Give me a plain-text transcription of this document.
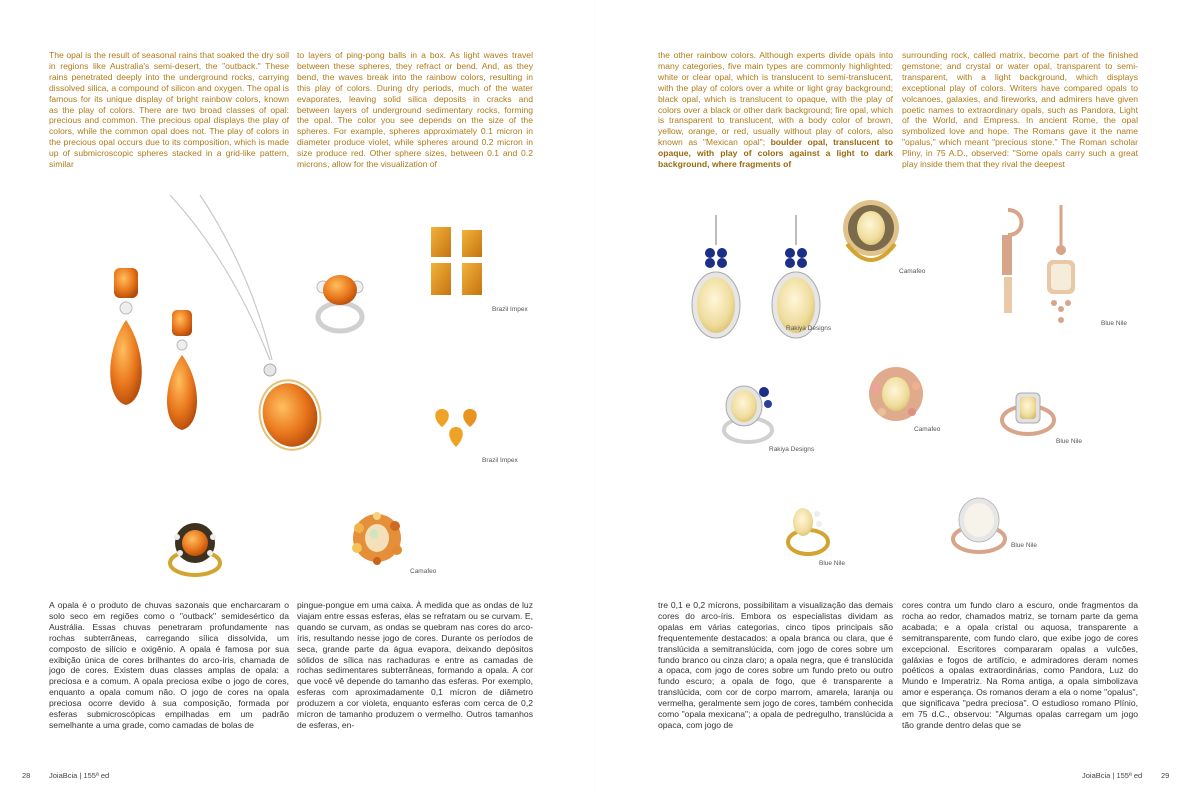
The opal is the result of seasonal rains that soaked the dry soil in regions like Australia's semi-desert, the "outback." These rains penetrated deeply into the underground rocks, carrying dissolved silica, a compound of silicon and oxygen. The opal is famous for its unique display of bright rainbow colors, known as the play of colors. There are two broad classes of opal: precious and common. The precious opal displays the play of colors, while the common opal does not. The play of colors in the precious opal occurs due to its composition, which is made up of submicroscopic spheres stacked in a grid-like pattern, similar

to layers of ping-pong balls in a box. As light waves travel between these spheres, they refract or bend. And, as they bend, the waves break into the rainbow colors, resulting in this play of colors. During dry periods, much of the water evaporates, leaving solid silica deposits in cracks and between layers of underground sedimentary rocks, forming the opal. The color you see depends on the size of the spheres. For example, spheres approximately 0.1 micron in diameter produce violet, while spheres around 0.2 micron in size produce red. Other sphere sizes, between 0.1 and 0.2 microns, allow for the visualization of

Brazil Impex
Brazil Impex
Camafeo

A opala é o produto de chuvas sazonais que encharcaram o solo seco em regiões como o "outback" semidesértico da Austrália. Essas chuvas penetraram profundamente nas rochas subterrâneas, carregando sílica dissolvida, um composto de silício e oxigênio. A opala é famosa por sua exibição única de cores brilhantes do arco-íris, chamada de jogo de cores. Existem duas classes amplas de opala: a preciosa e a comum. A opala preciosa exibe o jogo de cores, enquanto a opala comum não. O jogo de cores na opala preciosa ocorre devido à sua composição, formada por esferas submicroscópicas empilhadas em um padrão semelhante a uma grade, como camadas de bolas de

pingue-pongue em uma caixa. À medida que as ondas de luz viajam entre essas esferas, elas se refratam ou se curvam. E, quando se curvam, as ondas se quebram nas cores do arco-íris, resultando nesse jogo de cores. Durante os períodos de seca, grande parte da água evapora, deixando depósitos sólidos de sílica nas rachaduras e entre as camadas de rochas sedimentares subterrâneas, formando a opala. A cor que você vê depende do tamanho das esferas. Por exemplo, esferas com aproximadamente 0,1 mícron de diâmetro produzem a cor violeta, enquanto esferas com cerca de 0,2 mícron de tamanho produzem o vermelho. Outros tamanhos de esferas, en-

28 JoiaBcia | 155ª ed
the other rainbow colors. Although experts divide opals into many categories, five main types are commonly highlighted: white or clear opal, which is translucent to semi-translucent, with the play of colors over a white or light gray background; black opal, which is translucent to opaque, with the play of colors over a black or other dark background; fire opal, which is transparent to translucent, with a body color of brown, yellow, orange, or red, usually without play of colors, also known as "Mexican opal"; boulder opal, translucent to opaque, with play of colors against a light to dark background, where fragments of

surrounding rock, called matrix, become part of the finished gemstone; and crystal or water opal, transparent to semi-transparent, with a light background, which displays exceptional play of colors. Writers have compared opals to volcanoes, galaxies, and fireworks, and admirers have given poetic names to extraordinary opals, such as Pandora, Light of the World, and Empress. In ancient Rome, the opal symbolized love and hope. The Romans gave it the name "opalus," which meant "precious stone." The Roman scholar Pliny, in 75 A.D., observed: "Some opals carry such a great play inside them that they rival the deepest

Rakiya Designs
Camafeo
Blue Nile
Rakiya Designs
Camafeo
Blue Nile
Blue Nile
Blue Nile

tre 0,1 e 0,2 mícrons, possibilitam a visualização das demais cores do arco-íris. Embora os especialistas dividam as opalas em várias categorias, cinco tipos principais são frequentemente destacados: a opala branca ou clara, que é translúcida a semitranslúcida, com jogo de cores sobre um fundo branco ou cinza claro; a opala negra, que é translúcida a opaca, com jogo de cores sobre um fundo preto ou outro fundo escuro; a opala de fogo, que é transparente a translúcida, com cor de corpo marrom, amarela, laranja ou vermelha, geralmente sem jogo de cores, também conhecida como "opala mexicana"; a opala de pedregulho, translúcida a opaca, com jogo de

cores contra um fundo claro a escuro, onde fragmentos da rocha ao redor, chamados matriz, se tornam parte da gema acabada; e a opala cristal ou aquosa, transparente a semitransparente, com fundo claro, que exibe jogo de cores excepcional. Escritores compararam opalas a vulcões, galáxias e fogos de artifício, e admiradores deram nomes poéticos a opalas extraordinárias, como Pandora, Luz do Mundo e Imperatriz. Na Roma antiga, a opala simbolizava amor e esperança. Os romanos deram a ela o nome "opalus", que significava "pedra preciosa". O estudioso romano Plínio, em 75 d.C., observou: "Algumas opalas carregam um jogo tão grande dentro delas que se

JoiaBcia | 155ª ed	29
